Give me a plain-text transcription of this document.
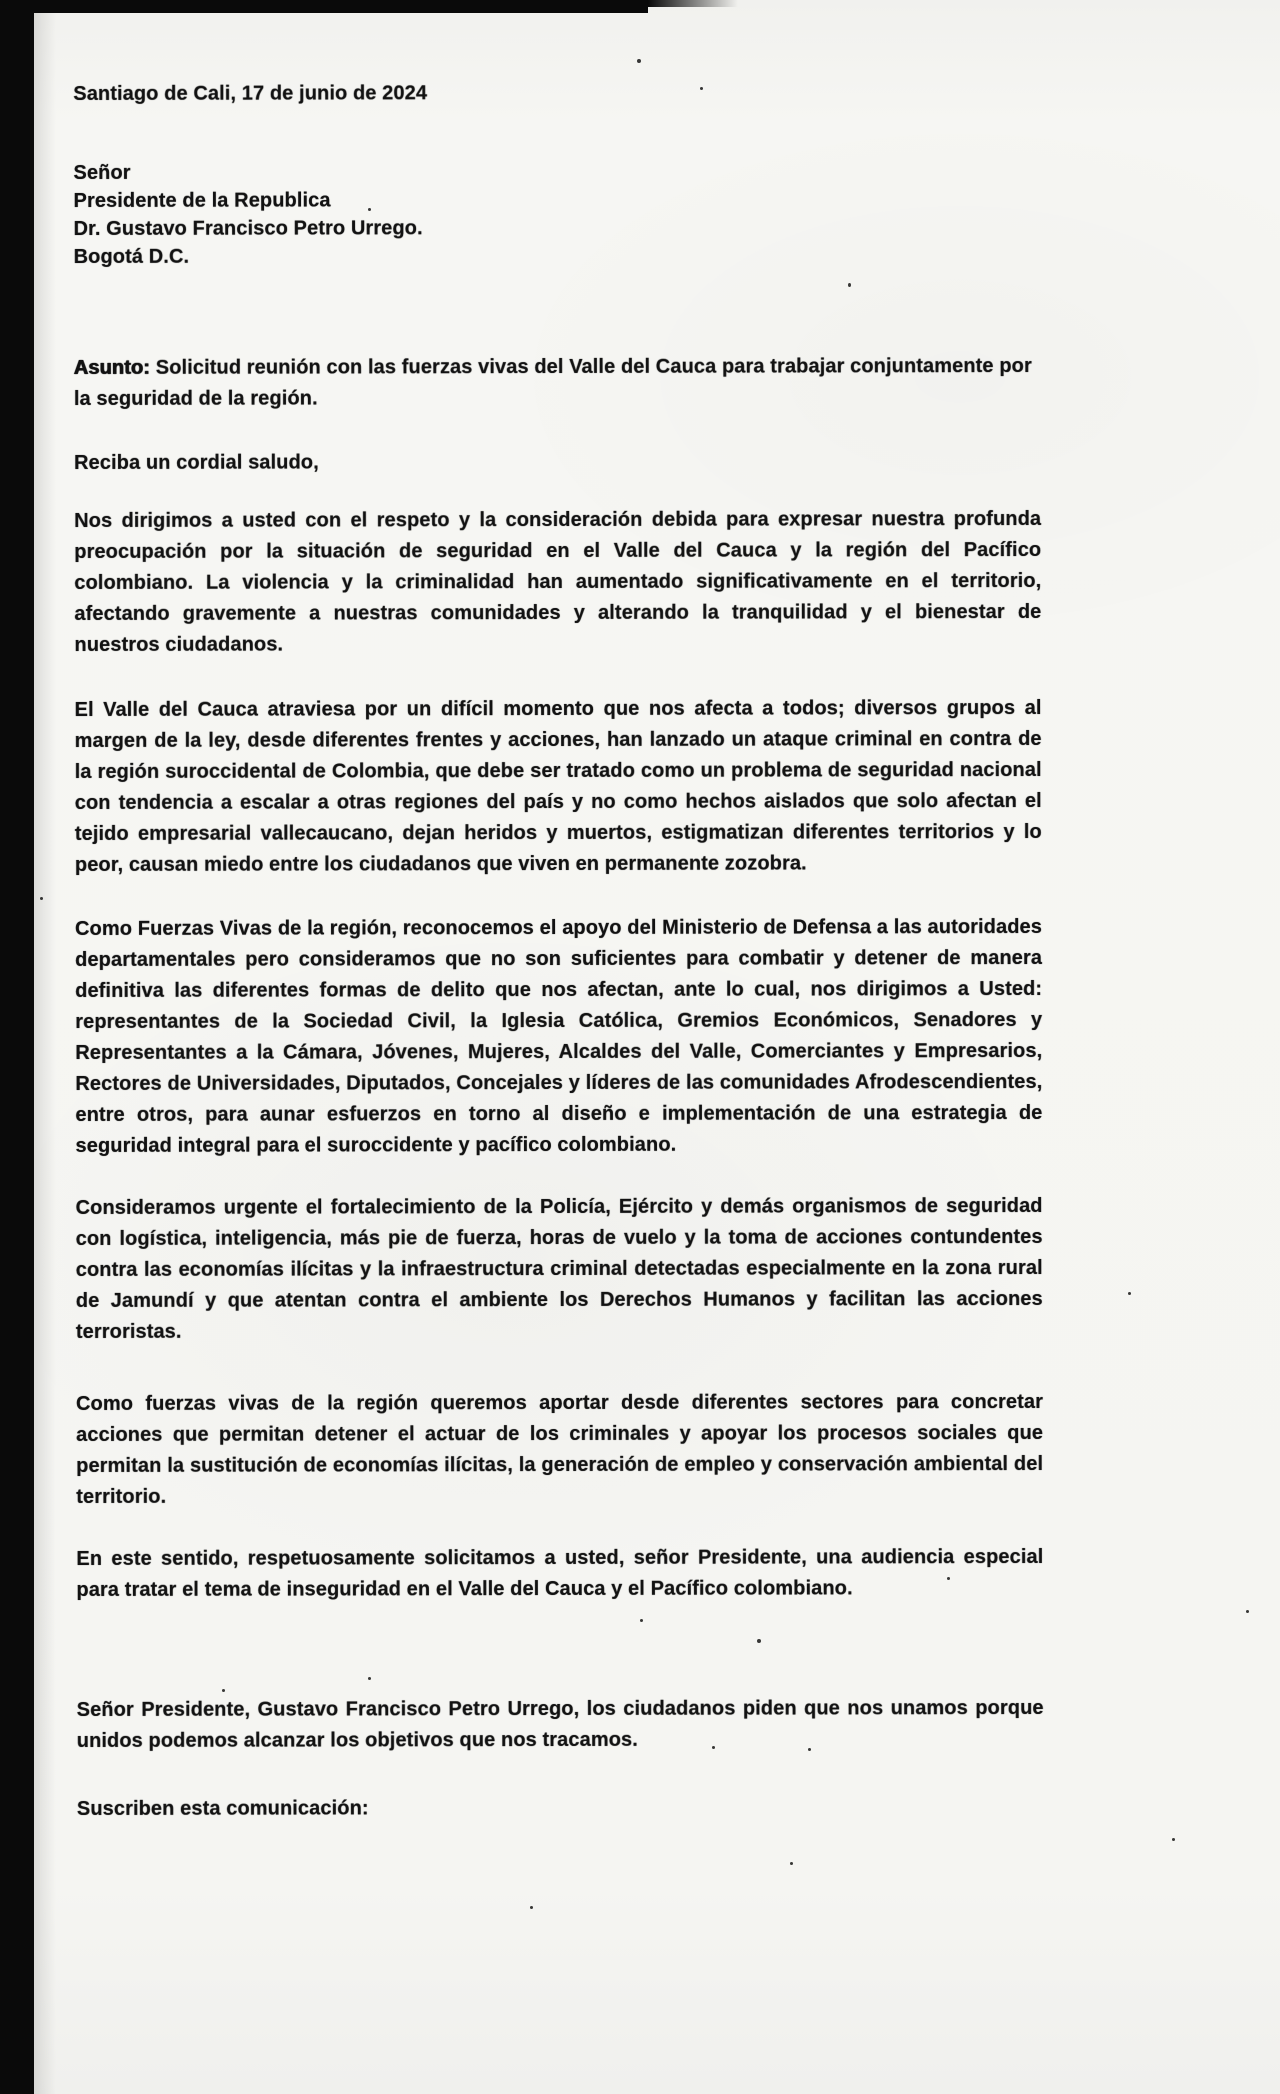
Santiago de Cali, 17 de junio de 2024
Señor
Presidente de la Republica
Dr. Gustavo Francisco Petro Urrego.
Bogotá D.C.
Asunto: Solicitud reunión con las fuerzas vivas del Valle del Cauca para trabajar conjuntamente por la seguridad de la región.
Reciba un cordial saludo,

Nos dirigimos a usted con el respeto y la consideración debida para expresar nuestra profunda preocupación por la situación de seguridad en el Valle del Cauca y la región del Pacífico colombiano. La violencia y la criminalidad han aumentado significativamente en el territorio, afectando gravemente a nuestras comunidades y alterando la tranquilidad y el bienestar de nuestros ciudadanos.

El Valle del Cauca atraviesa por un difícil momento que nos afecta a todos; diversos grupos al margen de la ley, desde diferentes frentes y acciones, han lanzado un ataque criminal en contra de la región suroccidental de Colombia, que debe ser tratado como un problema de seguridad nacional con tendencia a escalar a otras regiones del país y no como hechos aislados que solo afectan el tejido empresarial vallecaucano, dejan heridos y muertos, estigmatizan diferentes territorios y lo peor, causan miedo entre los ciudadanos que viven en permanente zozobra.

Como Fuerzas Vivas de la región, reconocemos el apoyo del Ministerio de Defensa a las autoridades departamentales pero consideramos que no son suficientes para combatir y detener de manera definitiva las diferentes formas de delito que nos afectan, ante lo cual, nos dirigimos a Usted: representantes de la Sociedad Civil, la Iglesia Católica, Gremios Económicos, Senadores y Representantes a la Cámara, Jóvenes, Mujeres, Alcaldes del Valle, Comerciantes y Empresarios, Rectores de Universidades, Diputados, Concejales y líderes de las comunidades Afrodescendientes, entre otros, para aunar esfuerzos en torno al diseño e implementación de una estrategia de seguridad integral para el suroccidente y pacífico colombiano.

Consideramos urgente el fortalecimiento de la Policía, Ejército y demás organismos de seguridad con logística, inteligencia, más pie de fuerza, horas de vuelo y la toma de acciones contundentes contra las economías ilícitas y la infraestructura criminal detectadas especialmente en la zona rural de Jamundí y que atentan contra el ambiente los Derechos Humanos y facilitan las acciones terroristas.

Como fuerzas vivas de la región queremos aportar desde diferentes sectores para concretar acciones que permitan detener el actuar de los criminales y apoyar los procesos sociales que permitan la sustitución de economías ilícitas, la generación de empleo y conservación ambiental del territorio.

En este sentido, respetuosamente solicitamos a usted, señor Presidente, una audiencia especial para tratar el tema de inseguridad en el Valle del Cauca y el Pacífico colombiano.

Señor Presidente, Gustavo Francisco Petro Urrego, los ciudadanos piden que nos unamos porque unidos podemos alcanzar los objetivos que nos tracamos.

Suscriben esta comunicación:
